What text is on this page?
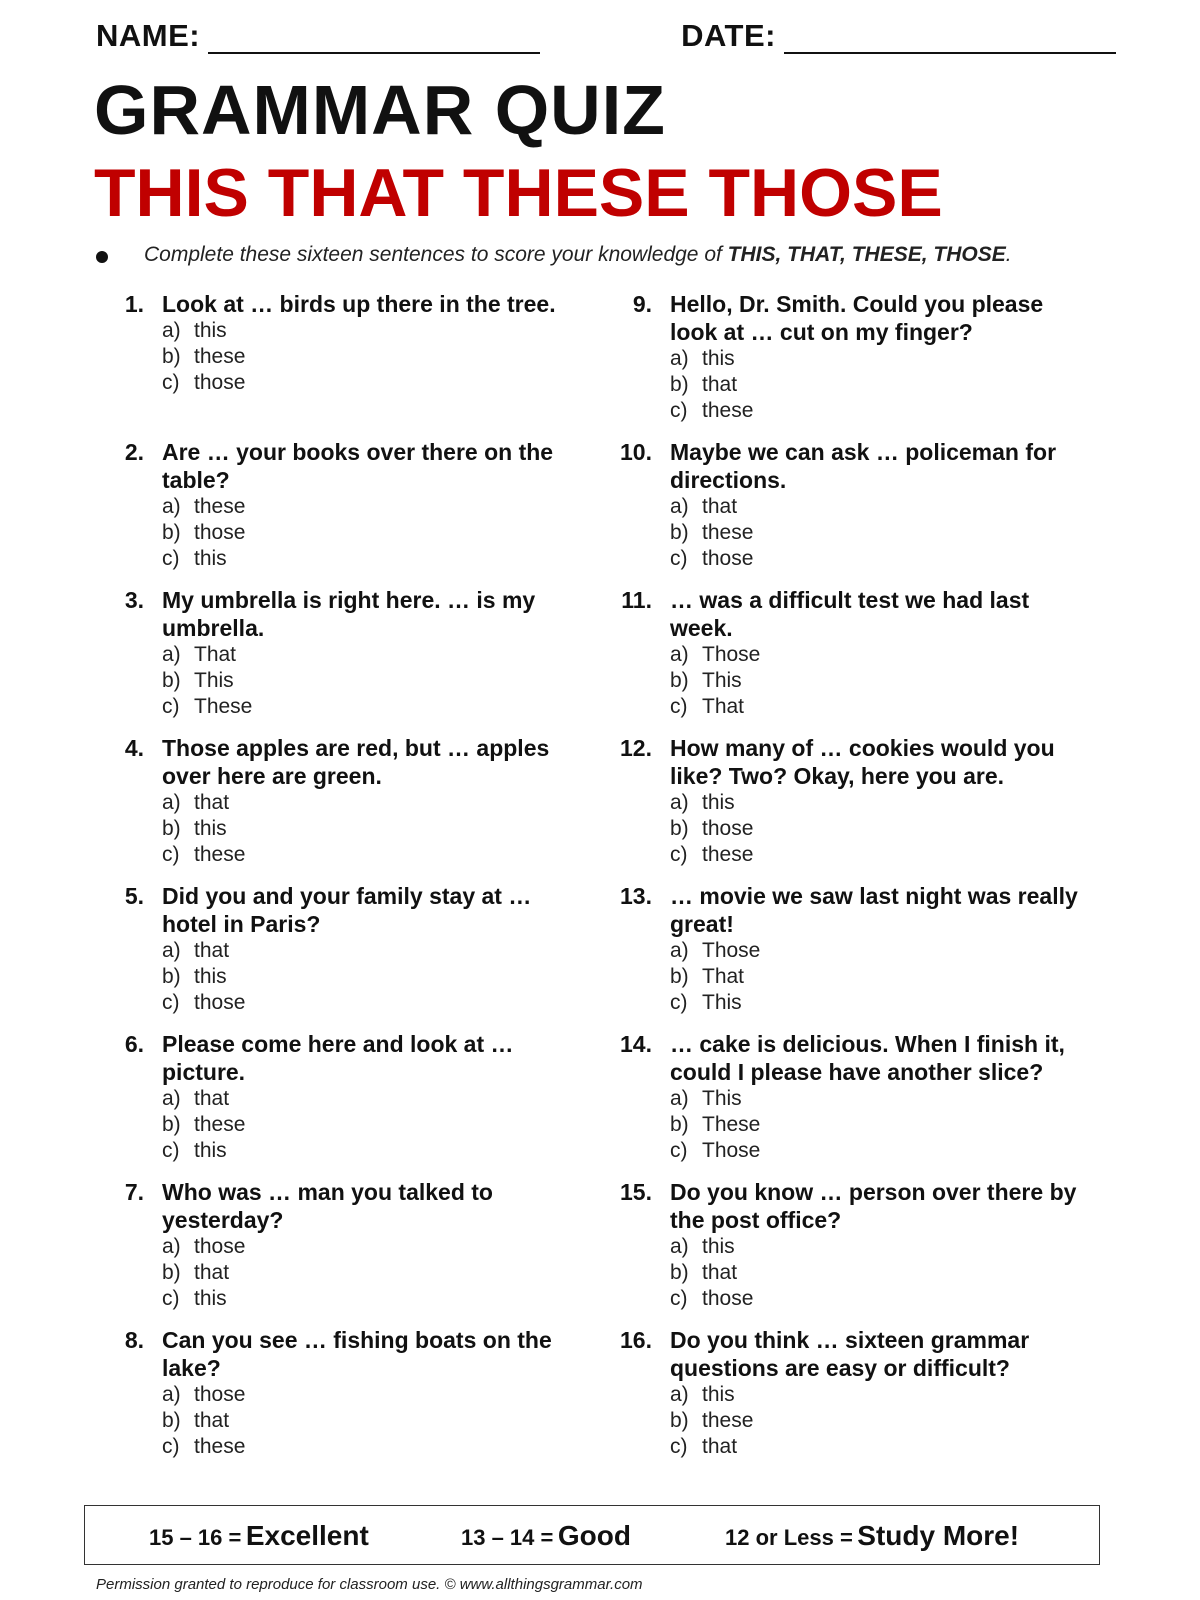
NAME:	DATE:
GRAMMAR QUIZ
THIS THAT THESE THOSE
Complete these sixteen sentences to score your knowledge of THIS, THAT, THESE, THOSE.
1. Look at … birds up there in the tree.
a) this
b) these
c) those
2. Are … your books over there on the table?
a) these
b) those
c) this
3. My umbrella is right here. … is my umbrella.
a) That
b) This
c) These
4. Those apples are red, but … apples over here are green.
a) that
b) this
c) these
5. Did you and your family stay at … hotel in Paris?
a) that
b) this
c) those
6. Please come here and look at … picture.
a) that
b) these
c) this
7. Who was … man you talked to yesterday?
a) those
b) that
c) this
8. Can you see … fishing boats on the lake?
a) those
b) that
c) these
9. Hello, Dr. Smith. Could you please look at … cut on my finger?
a) this
b) that
c) these
10. Maybe we can ask … policeman for directions.
a) that
b) these
c) those
11. … was a difficult test we had last week.
a) Those
b) This
c) That
12. How many of … cookies would you like? Two? Okay, here you are.
a) this
b) those
c) these
13. … movie we saw last night was really great!
a) Those
b) That
c) This
14. … cake is delicious. When I finish it, could I please have another slice?
a) This
b) These
c) Those
15. Do you know … person over there by the post office?
a) this
b) that
c) those
16. Do you think … sixteen grammar questions are easy or difficult?
a) this
b) these
c) that
15 – 16 = Excellent	13 – 14 = Good	12 or Less = Study More!
Permission granted to reproduce for classroom use. © www.allthingsgrammar.com
